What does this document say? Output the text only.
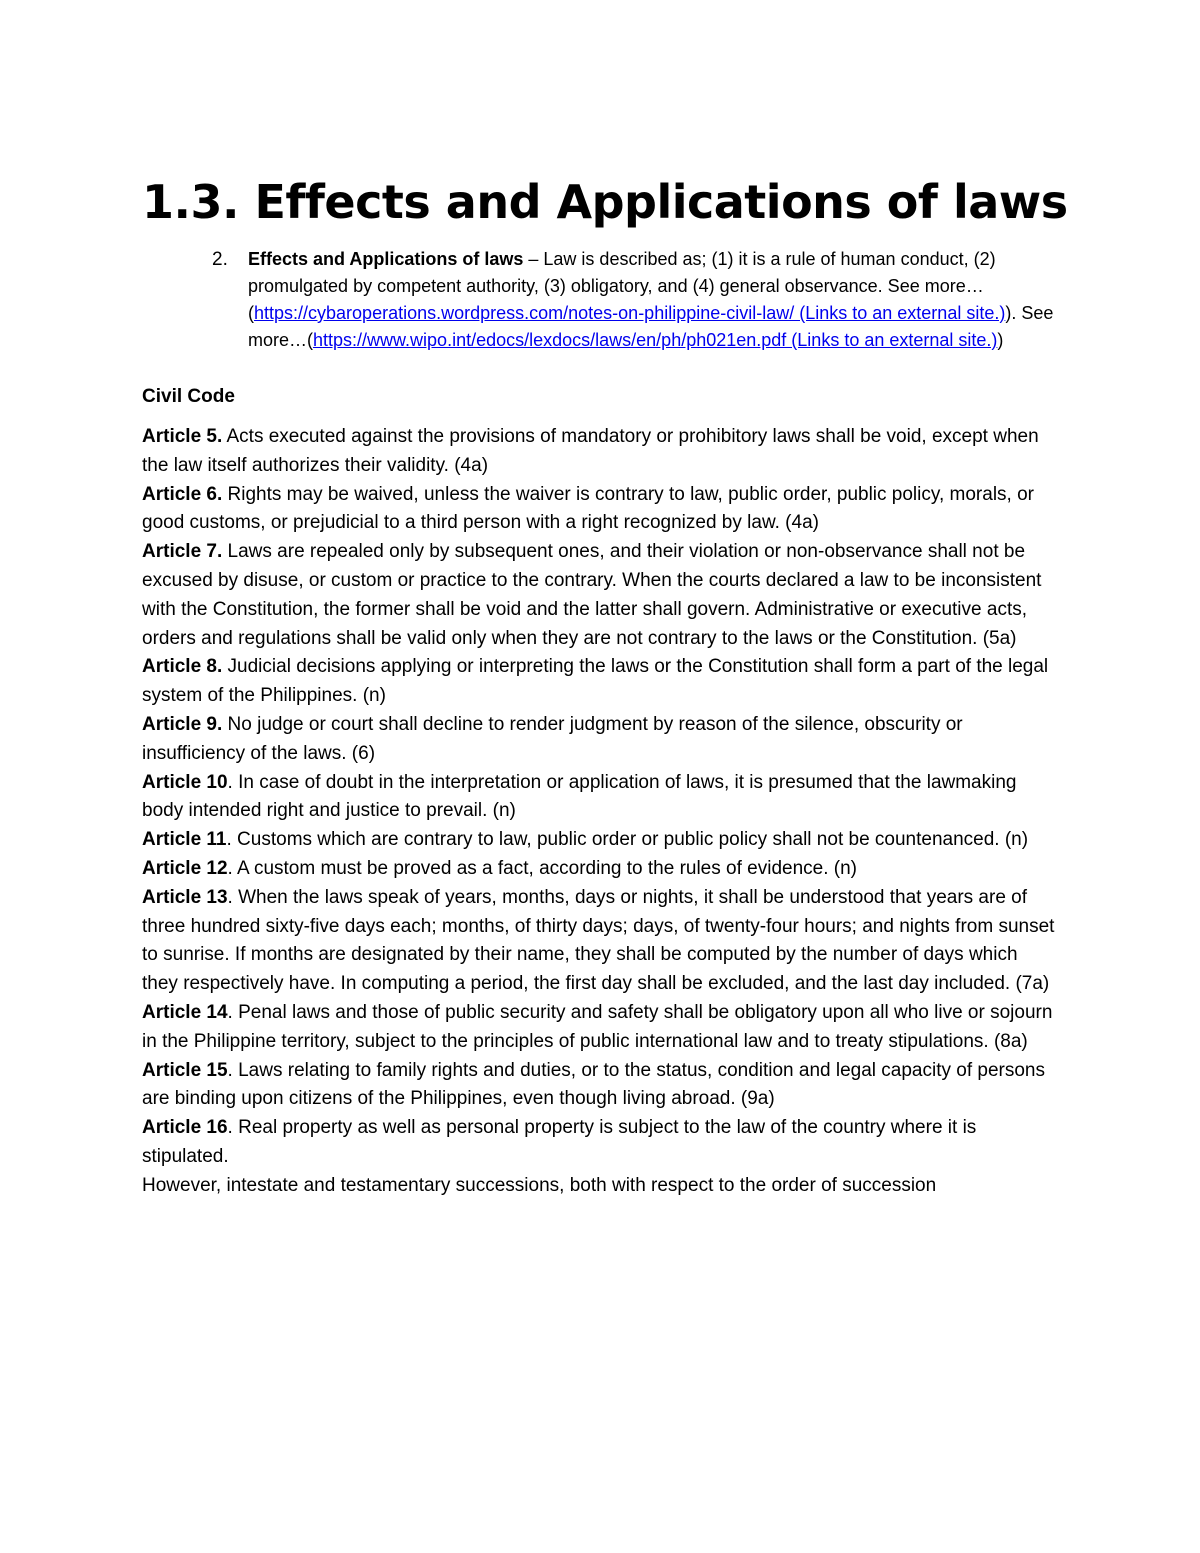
1.3. Effects and Applications of laws
2.	Effects and Applications of laws – Law is described as; (1) it is a rule of human conduct, (2) promulgated by competent authority, (3) obligatory, and (4) general observance. See more…(https://cybaroperations.wordpress.com/notes-on-philippine-civil-law/ (Links to an external site.)). See more…(https://www.wipo.int/edocs/lexdocs/laws/en/ph/ph021en.pdf (Links to an external site.))

Civil Code

Article 5. Acts executed against the provisions of mandatory or prohibitory laws shall be void, except when the law itself authorizes their validity. (4a)

Article 6. Rights may be waived, unless the waiver is contrary to law, public order, public policy, morals, or good customs, or prejudicial to a third person with a right recognized by law. (4a)

Article 7. Laws are repealed only by subsequent ones, and their violation or non-observance shall not be excused by disuse, or custom or practice to the contrary. When the courts declared a law to be inconsistent with the Constitution, the former shall be void and the latter shall govern. Administrative or executive acts, orders and regulations shall be valid only when they are not contrary to the laws or the Constitution. (5a)

Article 8. Judicial decisions applying or interpreting the laws or the Constitution shall form a part of the legal system of the Philippines. (n)

Article 9. No judge or court shall decline to render judgment by reason of the silence, obscurity or insufficiency of the laws. (6)

Article 10. In case of doubt in the interpretation or application of laws, it is presumed that the lawmaking body intended right and justice to prevail. (n)

Article 11. Customs which are contrary to law, public order or public policy shall not be countenanced. (n)

Article 12. A custom must be proved as a fact, according to the rules of evidence. (n)

Article 13. When the laws speak of years, months, days or nights, it shall be understood that years are of three hundred sixty-five days each; months, of thirty days; days, of twenty-four hours; and nights from sunset to sunrise. If months are designated by their name, they shall be computed by the number of days which they respectively have. In computing a period, the first day shall be excluded, and the last day included. (7a)

Article 14. Penal laws and those of public security and safety shall be obligatory upon all who live or sojourn in the Philippine territory, subject to the principles of public international law and to treaty stipulations. (8a)

Article 15. Laws relating to family rights and duties, or to the status, condition and legal capacity of persons are binding upon citizens of the Philippines, even though living abroad. (9a)

Article 16. Real property as well as personal property is subject to the law of the country where it is stipulated.

However, intestate and testamentary successions, both with respect to the order of succession
